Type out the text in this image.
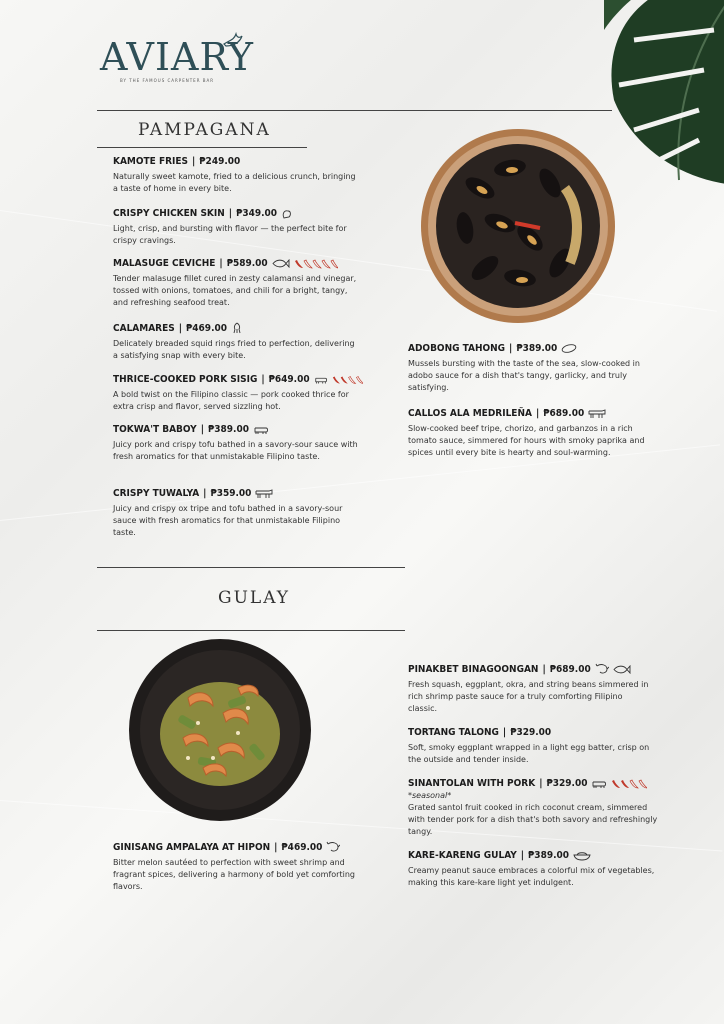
AVIARY
BY THE FAMOUS CARPENTER BAR
PAMPAGANA
KAMOTE FRIES | ₱249.00
Naturally sweet kamote, fried to a delicious crunch, bringing a taste of home in every bite.
CRISPY CHICKEN SKIN | ₱349.00
Light, crisp, and bursting with flavor — the perfect bite for crispy cravings.
MALASUGE CEVICHE | ₱589.00
Tender malasuge fillet cured in zesty calamansi and vinegar, tossed with onions, tomatoes, and chili for a bright, tangy, and refreshing seafood treat.
CALAMARES | ₱469.00
Delicately breaded squid rings fried to perfection, delivering a satisfying snap with every bite.
THRICE-COOKED PORK SISIG | ₱649.00
A bold twist on the Filipino classic — pork cooked thrice for extra crisp and flavor, served sizzling hot.
TOKWA'T BABOY | ₱389.00
Juicy pork and crispy tofu bathed in a savory-sour sauce with fresh aromatics for that unmistakable Filipino taste.
CRISPY TUWALYA | ₱359.00
Juicy and crispy ox tripe and tofu bathed in a savory-sour sauce with fresh aromatics for that unmistakable Filipino taste.
ADOBONG TAHONG | ₱389.00
Mussels bursting with the taste of the sea, slow-cooked in adobo sauce for a dish that's tangy, garlicky, and truly satisfying.
CALLOS ALA MEDRILEÑA | ₱689.00
Slow-cooked beef tripe, chorizo, and garbanzos in a rich tomato sauce, simmered for hours with smoky paprika and spices until every bite is hearty and soul-warming.
GULAY
GINISANG AMPALAYA AT HIPON | ₱469.00
Bitter melon sautéed to perfection with sweet shrimp and fragrant spices, delivering a harmony of bold yet comforting flavors.
PINAKBET BINAGOONGAN | ₱689.00
Fresh squash, eggplant, okra, and string beans simmered in rich shrimp paste sauce for a truly comforting Filipino classic.
TORTANG TALONG | ₱329.00
Soft, smoky eggplant wrapped in a light egg batter, crisp on the outside and tender inside.
SINANTOLAN WITH PORK | ₱329.00
*seasonal*
Grated santol fruit cooked in rich coconut cream, simmered with tender pork for a dish that's both savory and refreshingly tangy.
KARE-KARENG GULAY | ₱389.00
Creamy peanut sauce embraces a colorful mix of vegetables, making this kare-kare light yet indulgent.
